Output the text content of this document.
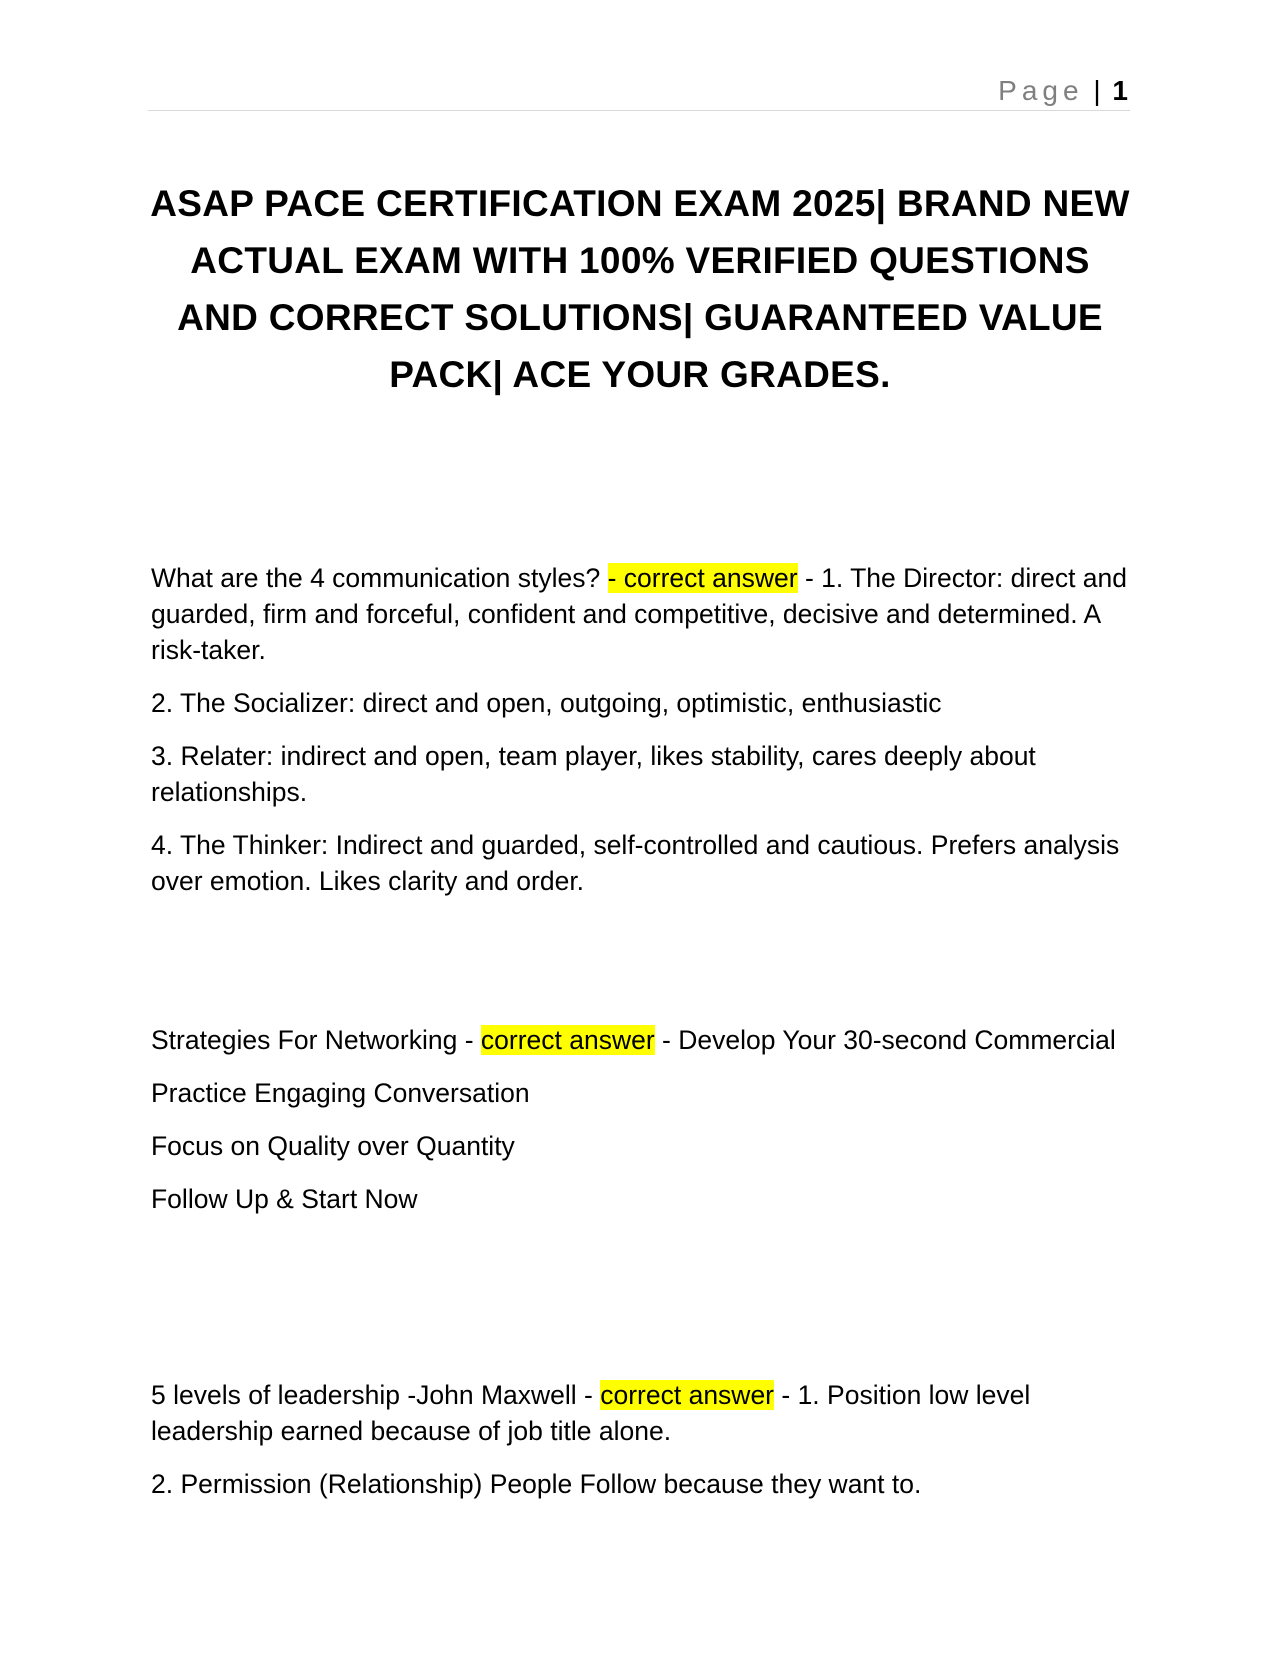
Page | 1
ASAP PACE CERTIFICATION EXAM 2025| BRAND NEW ACTUAL EXAM WITH 100% VERIFIED QUESTIONS AND CORRECT SOLUTIONS| GUARANTEED VALUE PACK| ACE YOUR GRADES.

What are the 4 communication styles? - correct answer - 1. The Director: direct and guarded, firm and forceful, confident and competitive, decisive and determined. A risk-taker.

2. The Socializer: direct and open, outgoing, optimistic, enthusiastic

3. Relater: indirect and open, team player, likes stability, cares deeply about relationships.

4. The Thinker: Indirect and guarded, self-controlled and cautious. Prefers analysis over emotion. Likes clarity and order.

Strategies For Networking - correct answer - Develop Your 30-second Commercial

Practice Engaging Conversation

Focus on Quality over Quantity

Follow Up & Start Now

5 levels of leadership -John Maxwell - correct answer - 1. Position low level leadership earned because of job title alone.

2. Permission (Relationship) People Follow because they want to.
